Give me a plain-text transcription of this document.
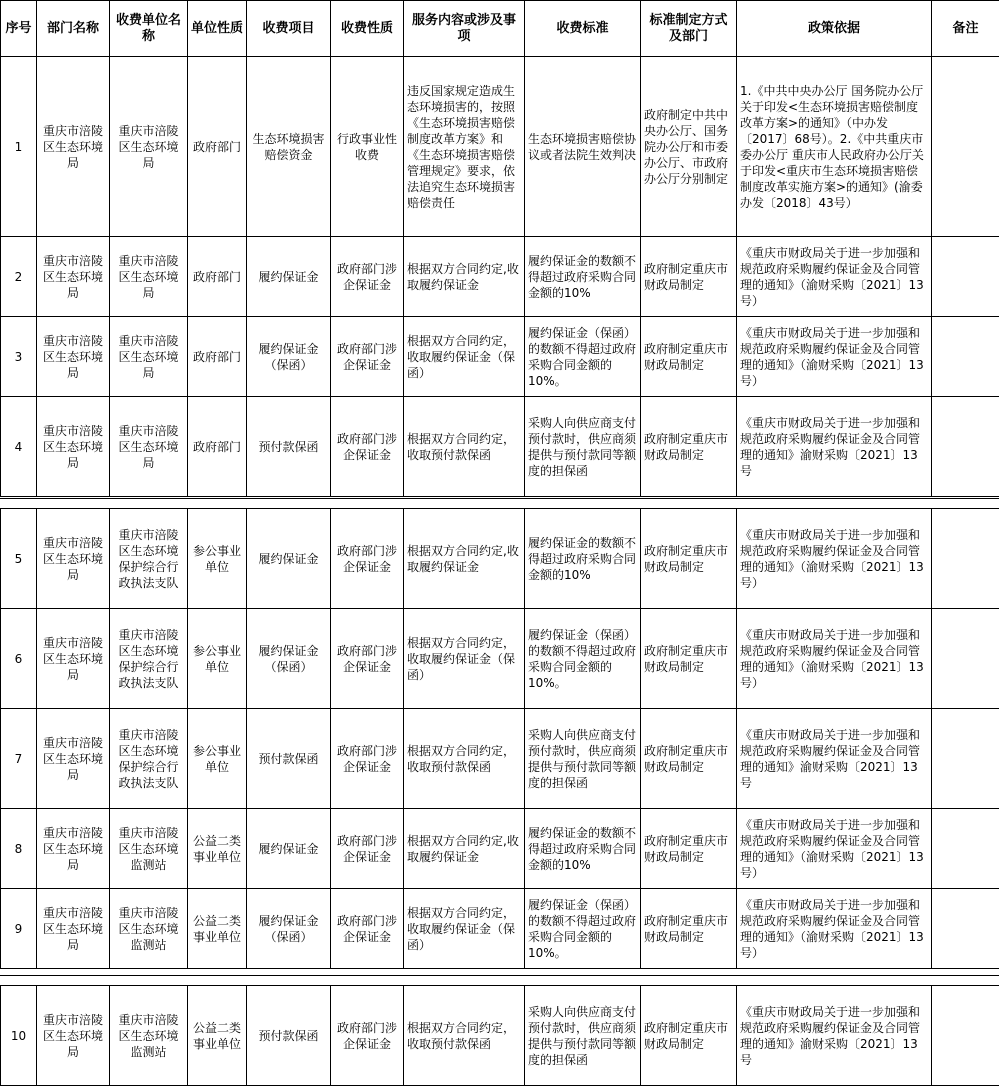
序号	部门名称	收费单位名称	单位性质	收费项目	收费性质	服务内容或涉及事项	收费标准	标准制定方式及部门	政策依据	备注
1	重庆市涪陵区生态环境局	重庆市涪陵区生态环境局	政府部门	生态环境损害赔偿资金	行政事业性收费	违反国家规定造成生态环境损害的，按照《生态环境损害赔偿制度改革方案》和《生态环境损害赔偿管理规定》要求，依法追究生态环境损害赔偿责任	生态环境损害赔偿协议或者法院生效判决	政府制定中共中央办公厅、国务院办公厅和市委办公厅、市政府办公厅分别制定	1.《中共中央办公厅 国务院办公厅关于印发<生态环境损害赔偿制度改革方案>的通知》（中办发〔2017〕68号）。2.《中共重庆市委办公厅 重庆市人民政府办公厅关于印发<重庆市生态环境损害赔偿制度改革实施方案>的通知》(渝委办发〔2018〕43号）	
2	重庆市涪陵区生态环境局	重庆市涪陵区生态环境局	政府部门	履约保证金	政府部门涉企保证金	根据双方合同约定,收取履约保证金	履约保证金的数额不得超过政府采购合同金额的10%	政府制定重庆市财政局制定	《重庆市财政局关于进一步加强和规范政府采购履约保证金及合同管理的通知》（渝财采购〔2021〕13号）	
3	重庆市涪陵区生态环境局	重庆市涪陵区生态环境局	政府部门	履约保证金（保函）	政府部门涉企保证金	根据双方合同约定，收取履约保证金（保函）	履约保证金（保函）的数额不得超过政府采购合同金额的10%。	政府制定重庆市财政局制定	《重庆市财政局关于进一步加强和规范政府采购履约保证金及合同管理的通知》（渝财采购〔2021〕13号）	
4	重庆市涪陵区生态环境局	重庆市涪陵区生态环境局	政府部门	预付款保函	政府部门涉企保证金	根据双方合同约定，收取预付款保函	采购人向供应商支付预付款时，供应商须提供与预付款同等额度的担保函	政府制定重庆市财政局制定	《重庆市财政局关于进一步加强和规范政府采购履约保证金及合同管理的通知》渝财采购〔2021〕13号	
5	重庆市涪陵区生态环境局	重庆市涪陵区生态环境保护综合行政执法支队	参公事业单位	履约保证金	政府部门涉企保证金	根据双方合同约定,收取履约保证金	履约保证金的数额不得超过政府采购合同金额的10%	政府制定重庆市财政局制定	《重庆市财政局关于进一步加强和规范政府采购履约保证金及合同管理的通知》（渝财采购〔2021〕13号）	
6	重庆市涪陵区生态环境局	重庆市涪陵区生态环境保护综合行政执法支队	参公事业单位	履约保证金（保函）	政府部门涉企保证金	根据双方合同约定，收取履约保证金（保函）	履约保证金（保函）的数额不得超过政府采购合同金额的10%。	政府制定重庆市财政局制定	《重庆市财政局关于进一步加强和规范政府采购履约保证金及合同管理的通知》（渝财采购〔2021〕13号）	
7	重庆市涪陵区生态环境局	重庆市涪陵区生态环境保护综合行政执法支队	参公事业单位	预付款保函	政府部门涉企保证金	根据双方合同约定，收取预付款保函	采购人向供应商支付预付款时，供应商须提供与预付款同等额度的担保函	政府制定重庆市财政局制定	《重庆市财政局关于进一步加强和规范政府采购履约保证金及合同管理的通知》渝财采购〔2021〕13号	
8	重庆市涪陵区生态环境局	重庆市涪陵区生态环境监测站	公益二类事业单位	履约保证金	政府部门涉企保证金	根据双方合同约定,收取履约保证金	履约保证金的数额不得超过政府采购合同金额的10%	政府制定重庆市财政局制定	《重庆市财政局关于进一步加强和规范政府采购履约保证金及合同管理的通知》（渝财采购〔2021〕13号）	
9	重庆市涪陵区生态环境局	重庆市涪陵区生态环境监测站	公益二类事业单位	履约保证金（保函）	政府部门涉企保证金	根据双方合同约定，收取履约保证金（保函）	履约保证金（保函）的数额不得超过政府采购合同金额的10%。	政府制定重庆市财政局制定	《重庆市财政局关于进一步加强和规范政府采购履约保证金及合同管理的通知》（渝财采购〔2021〕13号）	
10	重庆市涪陵区生态环境局	重庆市涪陵区生态环境监测站	公益二类事业单位	预付款保函	政府部门涉企保证金	根据双方合同约定，收取预付款保函	采购人向供应商支付预付款时，供应商须提供与预付款同等额度的担保函	政府制定重庆市财政局制定	《重庆市财政局关于进一步加强和规范政府采购履约保证金及合同管理的通知》渝财采购〔2021〕13号	
